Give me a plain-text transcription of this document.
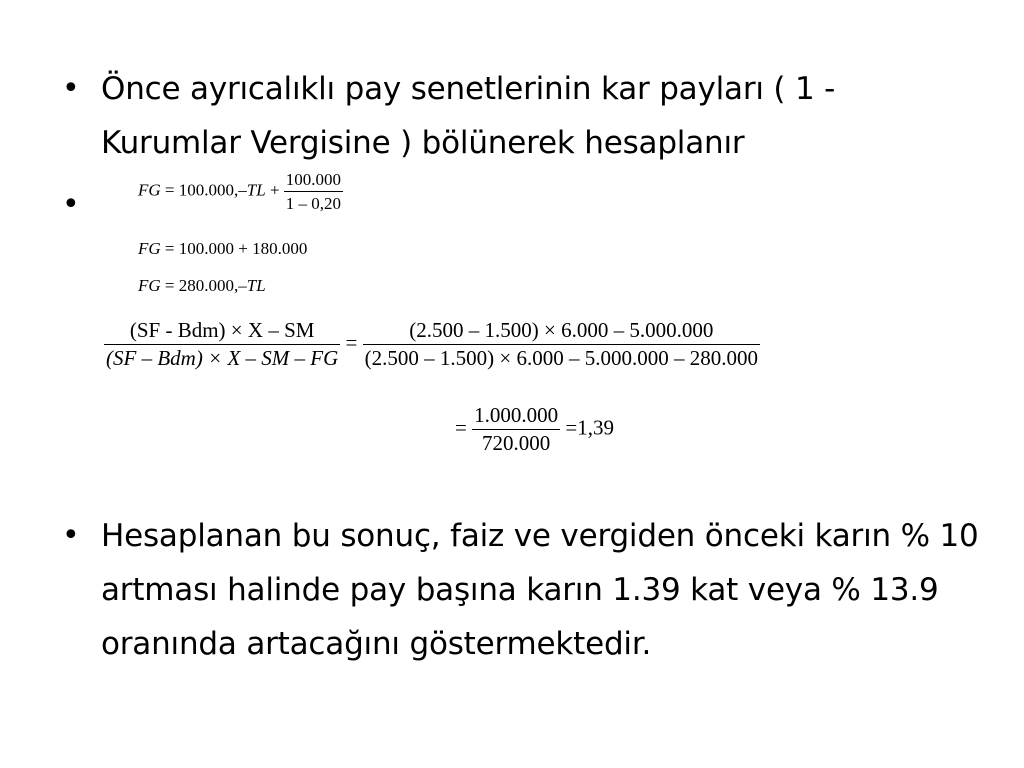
• Önce ayrıcalıklı pay senetlerinin kar payları ( 1 - Kurumlar Vergisine ) bölünerek hesaplanır
•	FG = $100.000,-TL + \frac{100.000}{1 - 0,20}$
FG = 100.000 + 180.000
FG = 280.000,–TL
$\frac{\text{(SF - Bdm) × X – SM}}{\text{(SF – Bdm) × X – SM – FG}} = \frac{(2.500 - 1.500) \times 6.000 - 5.000.000}{(2.500 - 1.500) \times 6.000 - 5.000.000 - 280.000}$
= $\frac{1.000.000}{720.000} =1,39$
• Hesaplanan bu sonuç, faiz ve vergiden önceki karın % 10 artması halinde pay başına karın 1.39 kat veya % 13.9 oranında artacağını göstermektedir.
